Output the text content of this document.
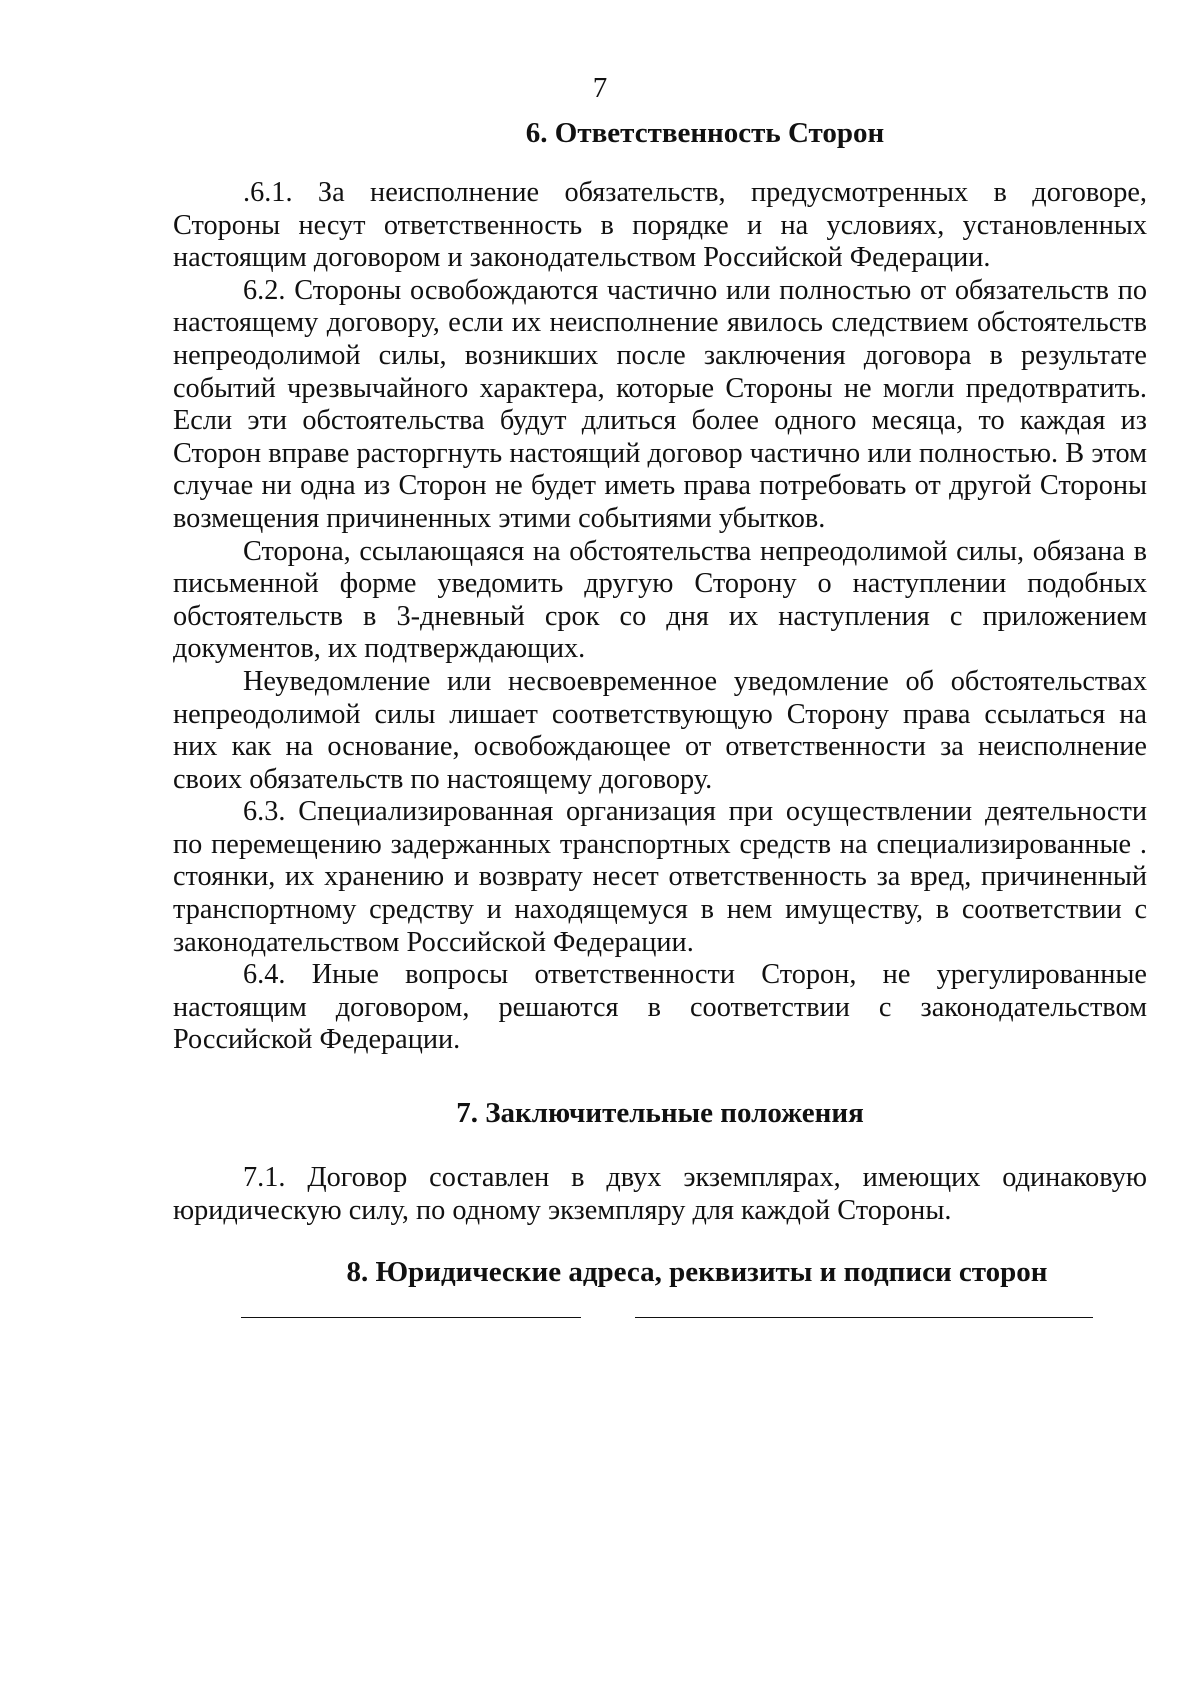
7
6. Ответственность Сторон

.6.1. За неисполнение обязательств, предусмотренных в договоре, Стороны несут ответственность в порядке и на условиях, установленных настоящим договором и законодательством Российской Федерации.

6.2. Стороны освобождаются частично или полностью от обязательств по настоящему договору, если их неисполнение явилось следствием обстоятельств непреодолимой силы, возникших после заключения договора в результате событий чрезвычайного характера, которые Стороны не могли предотвратить. Если эти обстоятельства будут длиться более одного месяца, то каждая из Сторон вправе расторгнуть настоящий договор частично или полностью. В этом случае ни одна из Сторон не будет иметь права потребовать от другой Стороны возмещения причиненных этими событиями убытков.

Сторона, ссылающаяся на обстоятельства непреодолимой силы, обязана в письменной форме уведомить другую Сторону о наступлении подобных обстоятельств в 3-дневный срок со дня их наступления с приложением документов, их подтверждающих.

Неуведомление или несвоевременное уведомление об обстоятельствах непреодолимой силы лишает соответствующую Сторону права ссылаться на них как на основание, освобождающее от ответственности за неисполнение своих обязательств по настоящему договору.

6.3. Специализированная организация при осуществлении деятельности по перемещению задержанных транспортных средств на специализированные . стоянки, их хранению и возврату несет ответственность за вред, причиненный транспортному средству и находящемуся в нем имуществу, в соответствии с законодательством Российской Федерации.

6.4. Иные вопросы ответственности Сторон, не урегулированные настоящим договором, решаются в соответствии с законодательством Российской Федерации.

7. Заключительные положения

7.1. Договор составлен в двух экземплярах, имеющих одинаковую юридическую силу, по одному экземпляру для каждой Стороны.

8. Юридические адреса, реквизиты и подписи сторон
